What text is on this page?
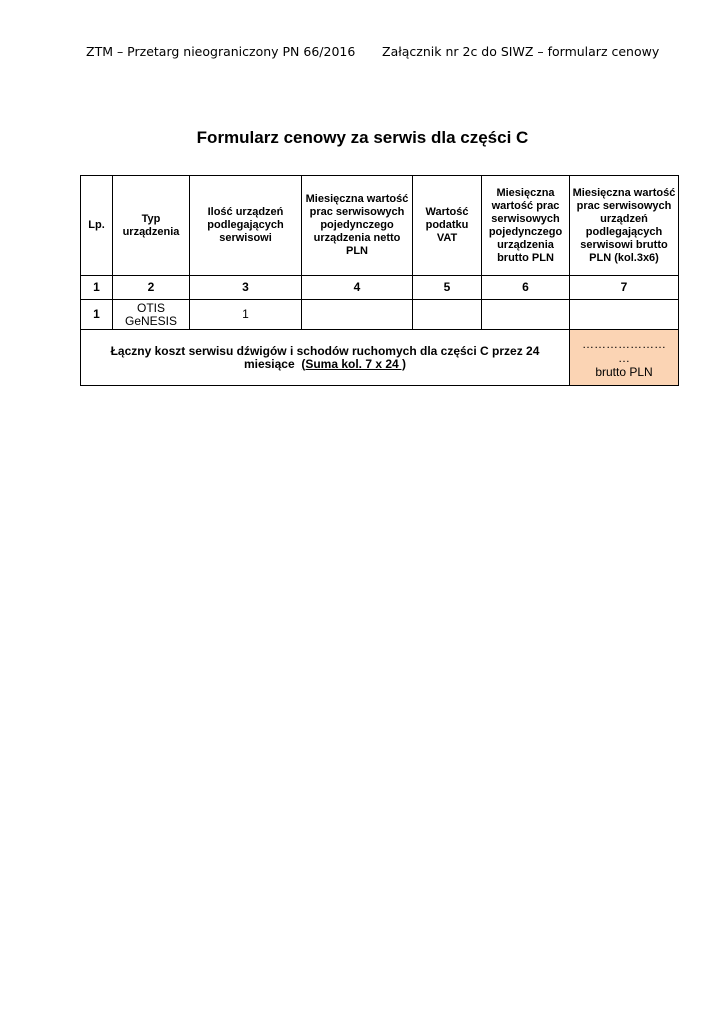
ZTM – Przetarg nieograniczony PN 66/2016 Załącznik nr 2c do SIWZ – formularz cenowy
Formularz cenowy za serwis dla części C
Lp.	Typ urządzenia	Ilość urządzeń podlegających serwisowi	Miesięczna wartość prac serwisowych pojedynczego urządzenia netto PLN	Wartość podatku VAT	Miesięczna wartość prac serwisowych pojedynczego urządzenia brutto PLN	Miesięczna wartość prac serwisowych urządzeń podlegających serwisowi brutto PLN (kol.3x6)
1	2	3	4	5	6	7
1	OTIS GeNESIS	1				
Łączny koszt serwisu dźwigów i schodów ruchomych dla części C przez 24 miesiące (Suma kol. 7 x 24 )						…………………
…
brutto PLN
